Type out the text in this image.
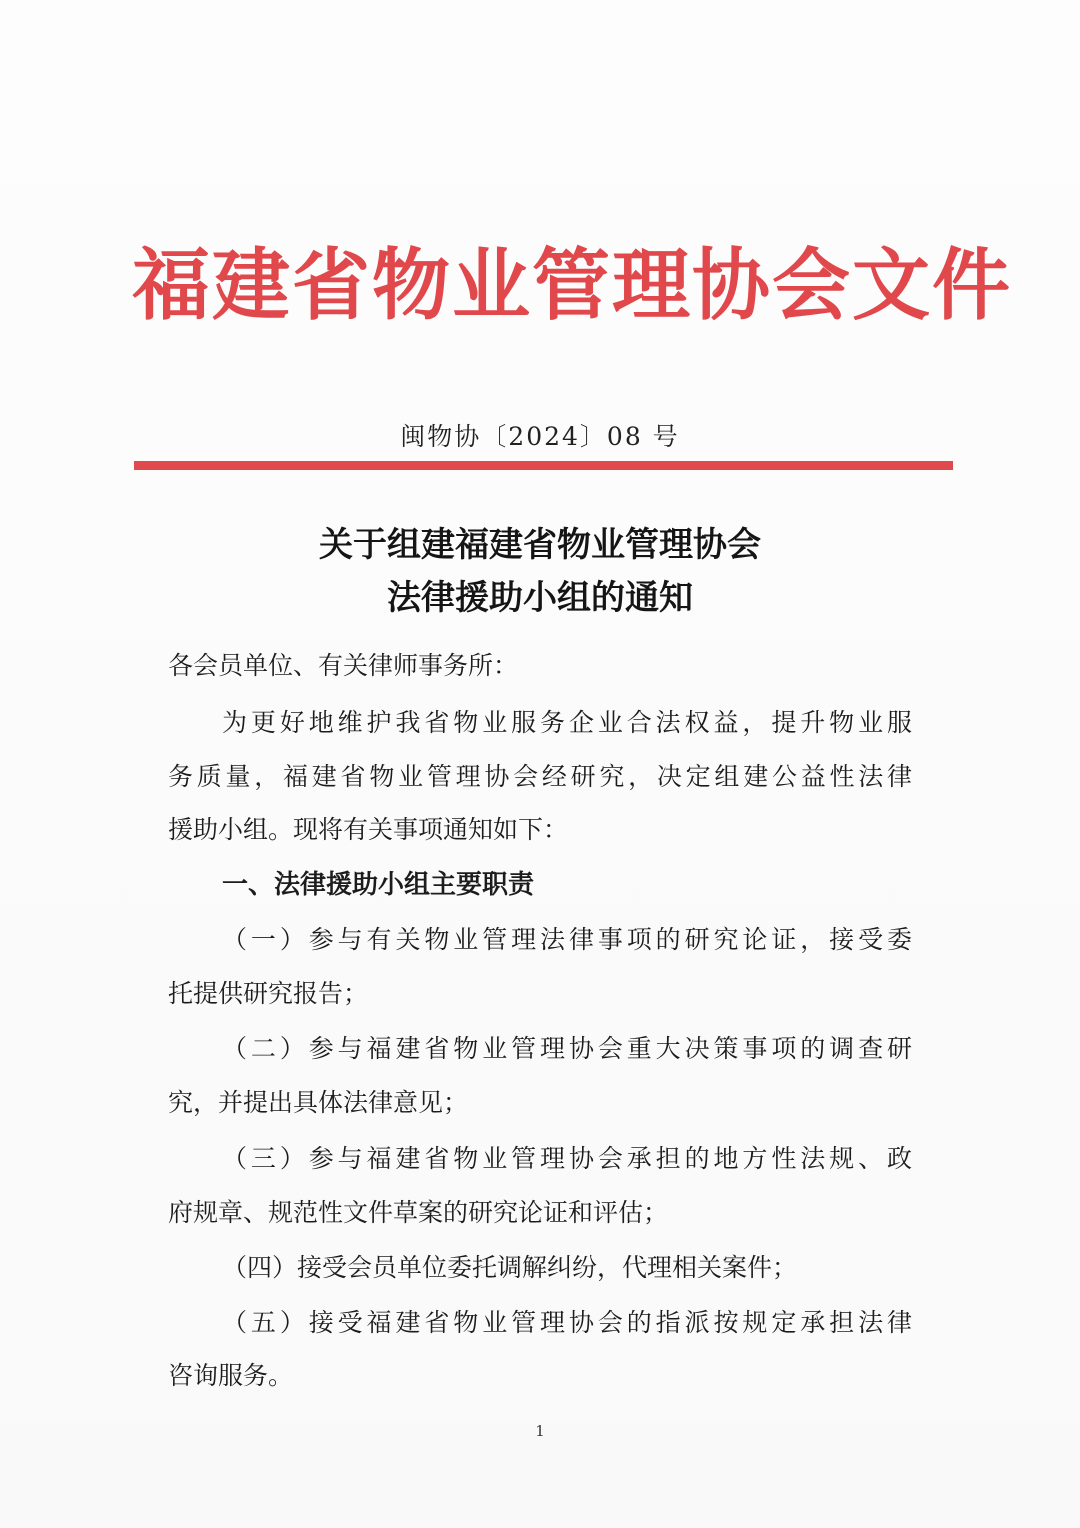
福建省物业管理协会文件
闽物协〔2024〕08 号
关于组建福建省物业管理协会
法律援助小组的通知
各会员单位、有关律师事务所：
为更好地维护我省物业服务企业合法权益，提升物业服
务质量，福建省物业管理协会经研究，决定组建公益性法律
援助小组。现将有关事项通知如下：
一、法律援助小组主要职责
（一）参与有关物业管理法律事项的研究论证，接受委
托提供研究报告；
（二）参与福建省物业管理协会重大决策事项的调查研
究，并提出具体法律意见；
（三）参与福建省物业管理协会承担的地方性法规、政
府规章、规范性文件草案的研究论证和评估；
（四）接受会员单位委托调解纠纷，代理相关案件；
（五）接受福建省物业管理协会的指派按规定承担法律
咨询服务。
1
